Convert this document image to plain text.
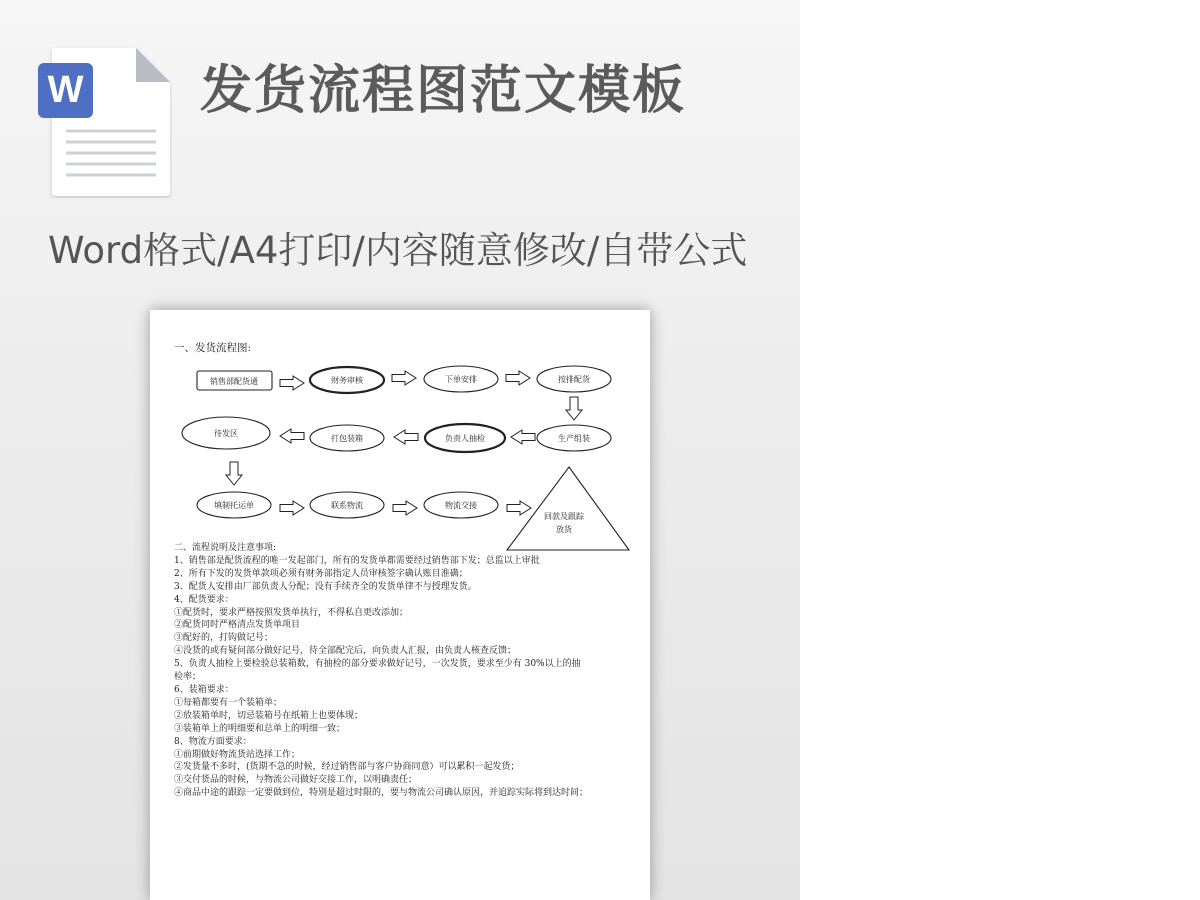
W 发货流程图范文模板
Word格式/A4打印/内容随意修改/自带公式
一、发货流程图:
销售部配货通	财务审核	下单安排	按排配货
待发区
打包装箱	负责人抽检	生产组装
填制托运单	联系物流	物流交接
回款及跟踪
放货
二、流程说明及注意事项:
1、销售部是配货流程的唯一发起部门，所有的发货单都需要经过销售部下发；总监以上审批
2、所有下发的发货单款项必须有财务部指定人员审核签字确认账目准确；
3、配货人安排由厂部负责人分配；没有手续齐全的发货单律不与授理发货。
4、配货要求：
①配货时，要求严格按照发货单执行，不得私自更改添加；
②配货同时严格清点发货单项目
③配好的，打钩做记号；
④没货的或有疑问部分做好记号，待全部配完后，向负责人汇报，由负责人核查反馈；
5、负责人抽检上要检验总装箱数，有抽检的部分要求做好记号，一次发货，要求至少有 30%以上的抽
检率；
6、装箱要求：
①每箱都要有一个装箱单；
②放装箱单时，切忌装箱号在纸箱上也要体现；
③装箱单上的明细要和总单上的明细一致；
8、物流方面要求：
①前期做好物流货站选择工作；
②发货量不多时，(货期不急的时候，经过销售部与客户协商同意）可以累积一起发货；
③交付货品的时候，与物流公司做好交接工作，以明确责任；
④商品中途的跟踪一定要做到位，特别是超过时限的，要与物流公司确认原因，并追踪实际将到达时间；
